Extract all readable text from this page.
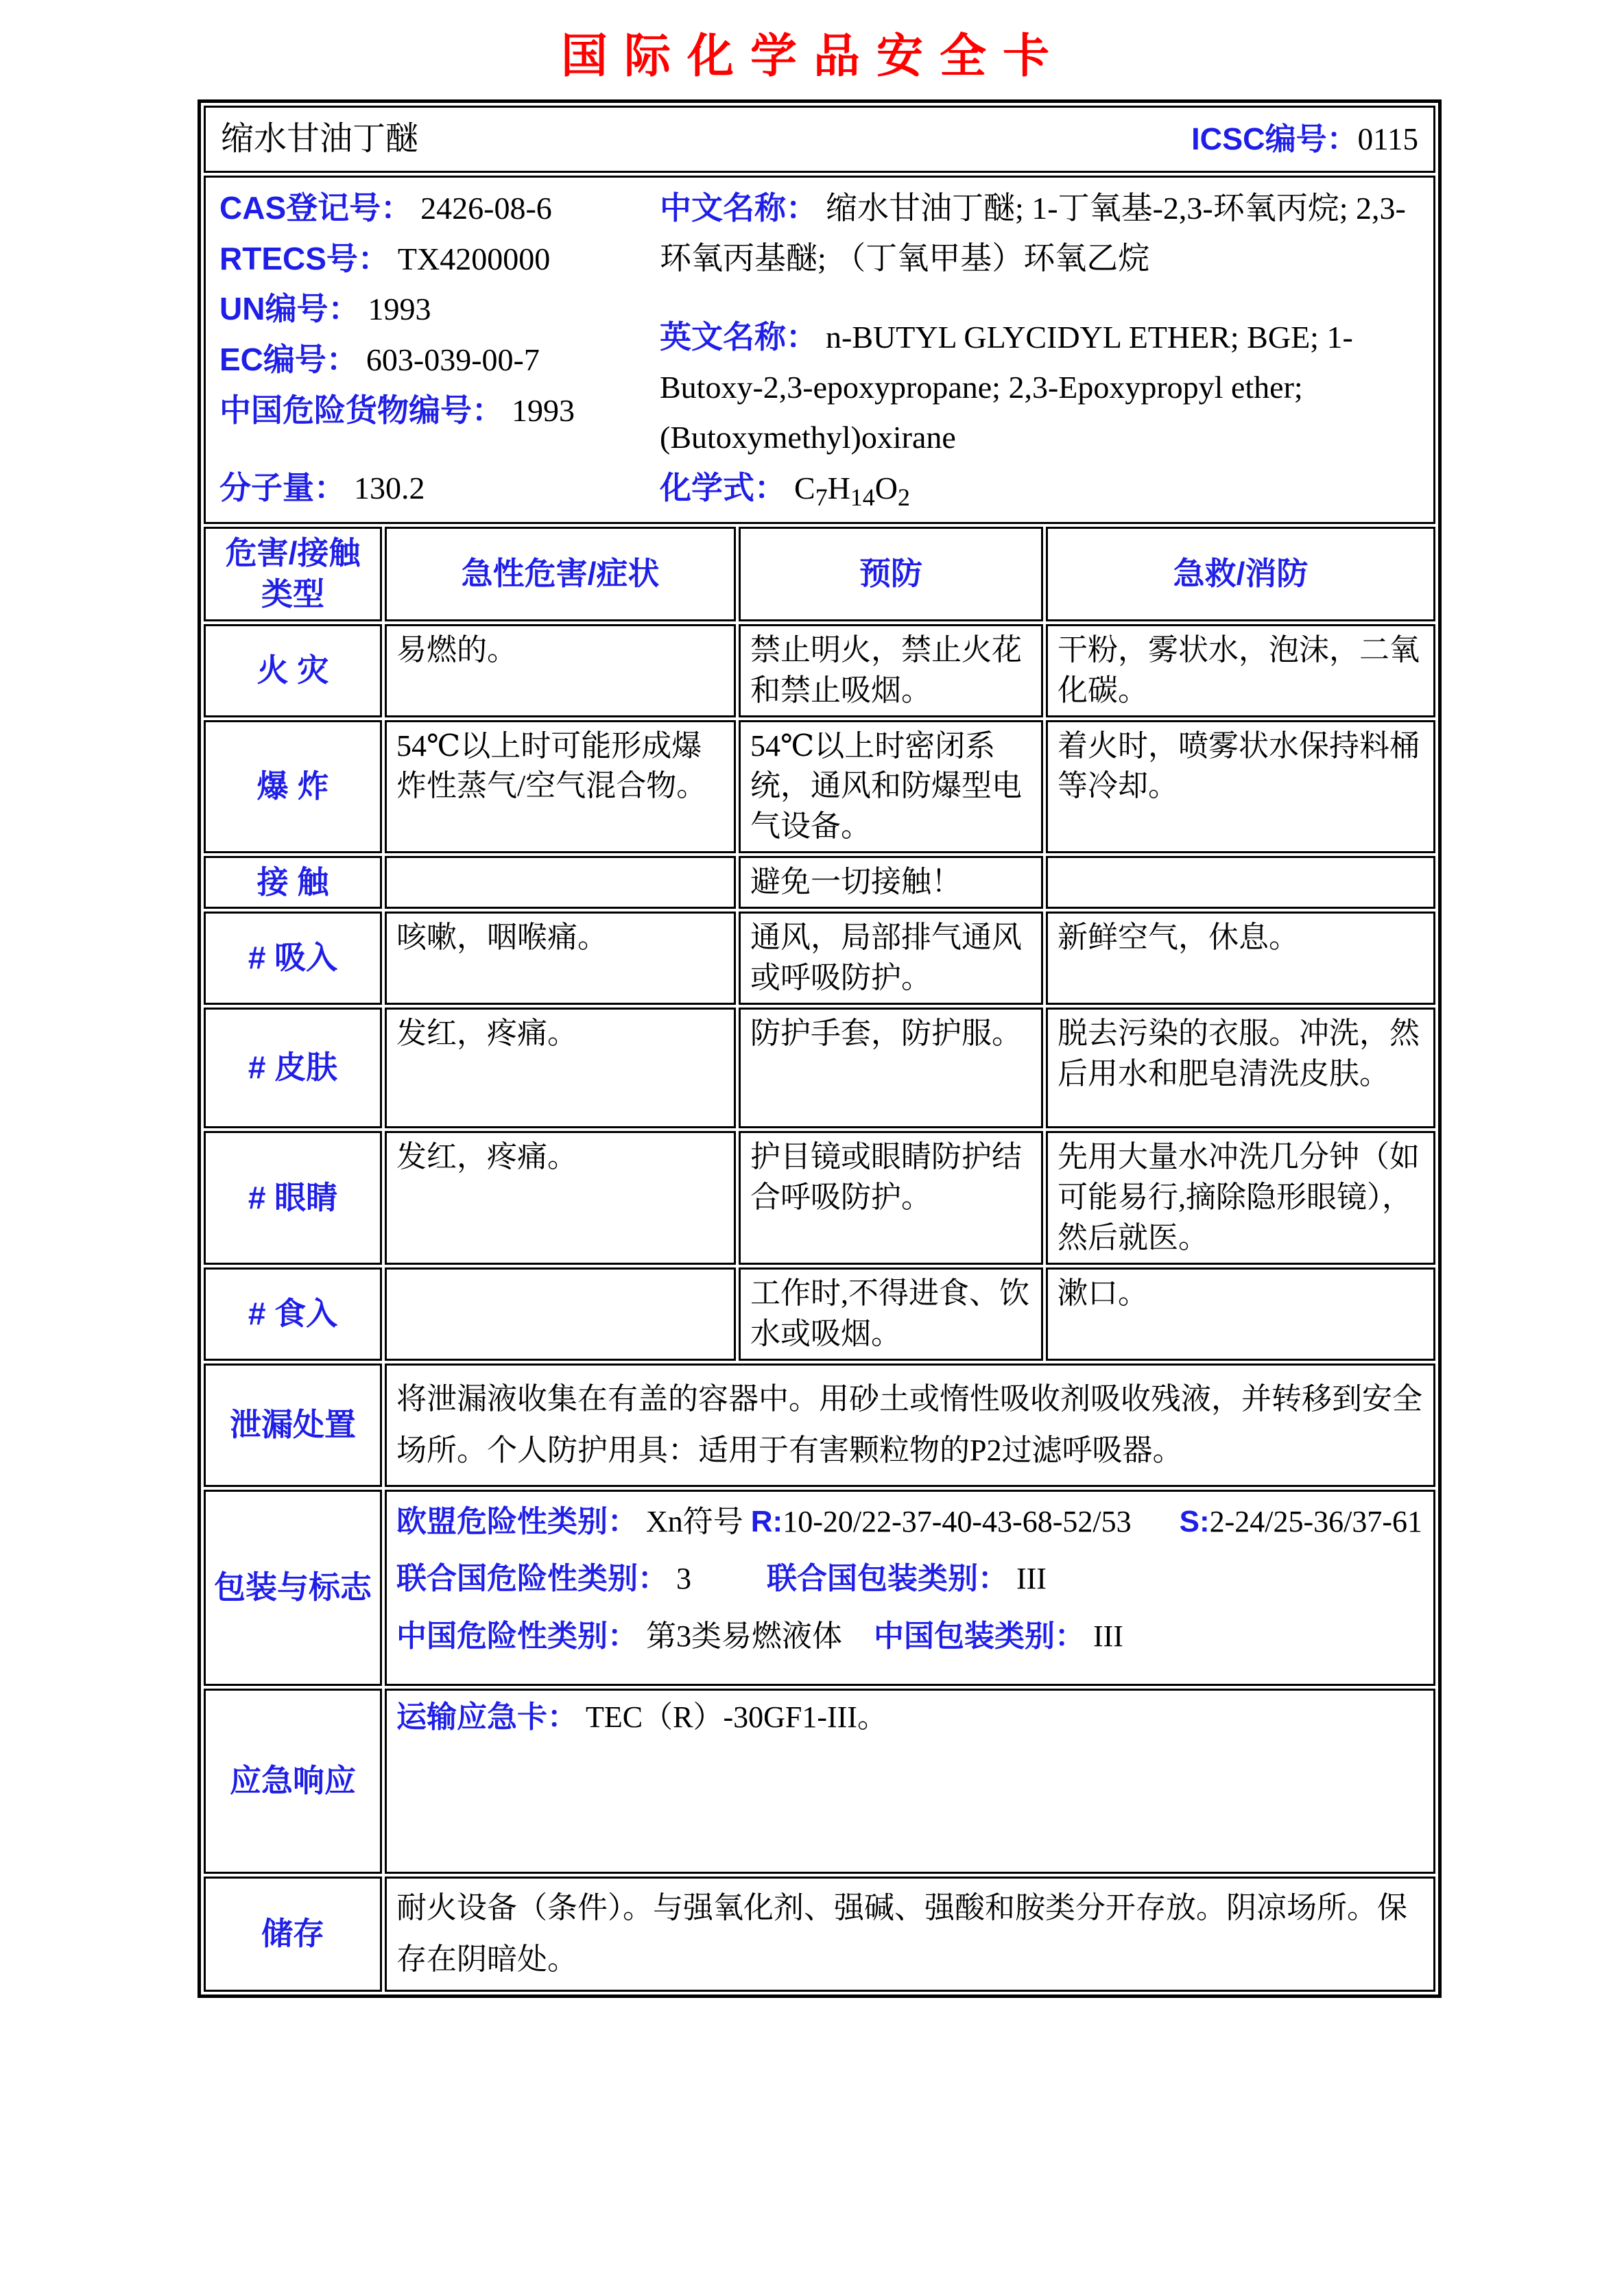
国际化学品安全卡
缩水甘油丁醚 ICSC编号：0115			

CAS登记号： 2426-08-6

RTECS号： TX4200000

UN编号： 1993

EC编号： 603-039-00-7

中国危险货物编号： 1993

分子量： 130.2

中文名称： 缩水甘油丁醚; 1-丁氧基-2,3-环氧丙烷; 2,3-环氧丙基醚; （丁氧甲基）环氧乙烷

英文名称： n-BUTYL GLYCIDYL ETHER; BGE; 1-Butoxy-2,3-epoxypropane; 2,3-Epoxypropyl ether; (Butoxymethyl)oxirane

化学式： $C_7H_{14}O_2$

危害/接触类型	急性危害/症状	预防	急救/消防
火 灾	易燃的。	禁止明火，禁止火花和禁止吸烟。	干粉，雾状水，泡沫，二氧化碳。
爆 炸	54℃以上时可能形成爆炸性蒸气/空气混合物。	54℃以上时密闭系统，通风和防爆型电气设备。	着火时，喷雾状水保持料桶等冷却。
接 触		避免一切接触！	
# 吸入	咳嗽，咽喉痛。	通风，局部排气通风或呼吸防护。	新鲜空气，休息。
# 皮肤	发红，疼痛。	防护手套，防护服。	脱去污染的衣服。冲洗，然后用水和肥皂清洗皮肤。
# 眼睛	发红，疼痛。	护目镜或眼睛防护结合呼吸防护。	先用大量水冲洗几分钟（如可能易行,摘除隐形眼镜），然后就医。
# 食入		工作时,不得进食、饮水或吸烟。	漱口。
泄漏处置	将泄漏液收集在有盖的容器中。用砂土或惰性吸收剂吸收残液，并转移到安全场所。个人防护用具：适用于有害颗粒物的P2过滤呼吸器。		
包装与标志	欧盟危险性类别： Xn符号 R:10-20/22-37-40-43-68-52/53 S:2-24/25-36/37-61

联合国危险性类别： 3 联合国包装类别： III

中国危险性类别： 第3类易燃液体 中国包装类别： III		

应急响应	运输应急卡： TEC（R）-30GF1-III。		

储存	耐火设备（条件）。与强氧化剂、强碱、强酸和胺类分开存放。阴凉场所。保存在阴暗处。		
